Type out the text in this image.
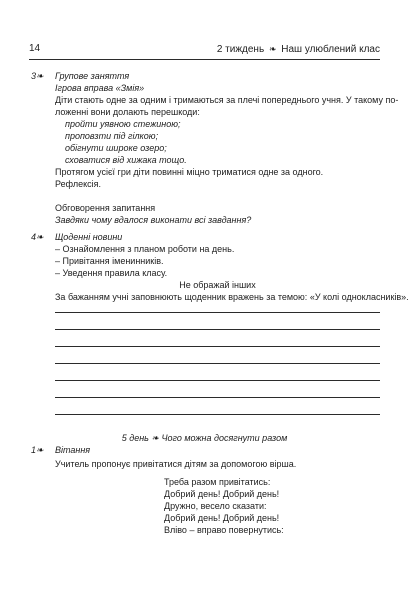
14	2 тиждень ❧ Наш улюблений клас
3❧ Групове заняття
Ігрова вправа «Змія»
Діти стають одне за одним і тримаються за плечі попереднього учня. У такому по-
ложенні вони долають перешкоди:
пройти уявною стежиною;
проповзти під гілкою;
обігнути широке озеро;
сховатися від хижака тощо.
Протягом усієї гри діти повинні міцно триматися одне за одного.
Рефлексія.
Обговорення запитання
Завдяки чому вдалося виконати всі завдання?
4❧ Щоденні новини
– Ознайомлення з планом роботи на день.
– Привітання іменинників.
– Уведення правила класу.
Не ображай інших
За бажанням учні заповнюють щоденник вражень за темою: «У колі однокласників».
5 день ❧ Чого можна досягнути разом
1❧ Вітання
Учитель пропонує привітатися дітям за допомогою вірша.
Треба разом привітатись:
Добрий день! Добрий день!
Дружно, весело сказати:
Добрий день! Добрий день!
Вліво – вправо повернутись:
